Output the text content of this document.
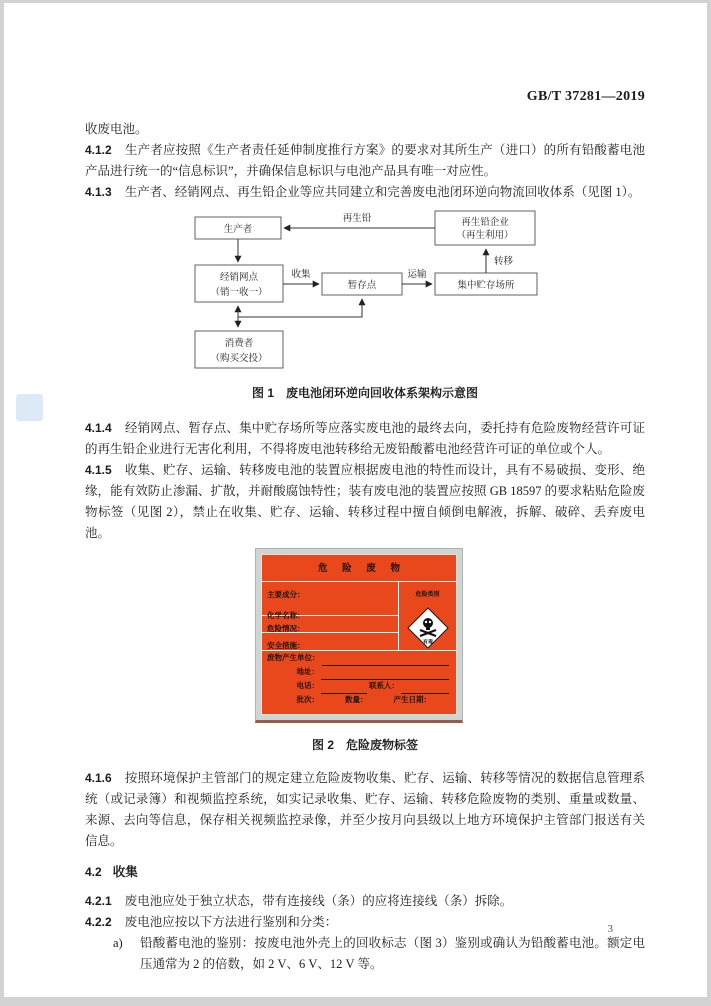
GB/T 37281—2019

收废电池。

4.1.2 生产者应按照《生产者责任延伸制度推行方案》的要求对其所生产（进口）的所有铅酸蓄电池产品进行统一的“信息标识”，并确保信息标识与电池产品具有唯一对应性。

4.1.3 生产者、经销网点、再生铅企业等应共同建立和完善废电池闭环逆向物流回收体系（见图 1）。

生产者
再生铅企业
（再生利用）
经销网点
（销一收一）
暂存点	集中贮存场所
消费者
（购买交投）
再生铅
收集	运输
转移
图 1 废电池闭环逆向回收体系架构示意图

4.1.4 经销网点、暂存点、集中贮存场所等应落实废电池的最终去向，委托持有危险废物经营许可证的再生铅企业进行无害化利用，不得将废电池转移给无废铅酸蓄电池经营许可证的单位或个人。

4.1.5 收集、贮存、运输、转移废电池的装置应根据废电池的特性而设计，具有不易破损、变形、绝缘，能有效防止渗漏、扩散，并耐酸腐蚀特性；装有废电池的装置应按照 GB 18597 的要求粘贴危险废物标签（见图 2），禁止在收集、贮存、运输、转移过程中擅自倾倒电解液，拆解、破碎、丢弃废电池。

危 险 废 物
主要成分：
化学名称：
危险情况：
安全措施：
危险类别
有毒
废物产生单位：
地址：
电话：	联系人：
批次：	数量：	产生日期：
图 2 危险废物标签

4.1.6 按照环境保护主管部门的规定建立危险废物收集、贮存、运输、转移等情况的数据信息管理系统（或记录簿）和视频监控系统，如实记录收集、贮存、运输、转移危险废物的类别、重量或数量、来源、去向等信息，保存相关视频监控录像，并至少按月向县级以上地方环境保护主管部门报送有关信息。

4.2 收集

4.2.1 废电池应处于独立状态，带有连接线（条）的应将连接线（条）拆除。

4.2.2 废电池应按以下方法进行鉴别和分类：

a) 铅酸蓄电池的鉴别：按废电池外壳上的回收标志（图 3）鉴别或确认为铅酸蓄电池。额定电压通常为 2 的倍数，如 2 V、6 V、12 V 等。
3
